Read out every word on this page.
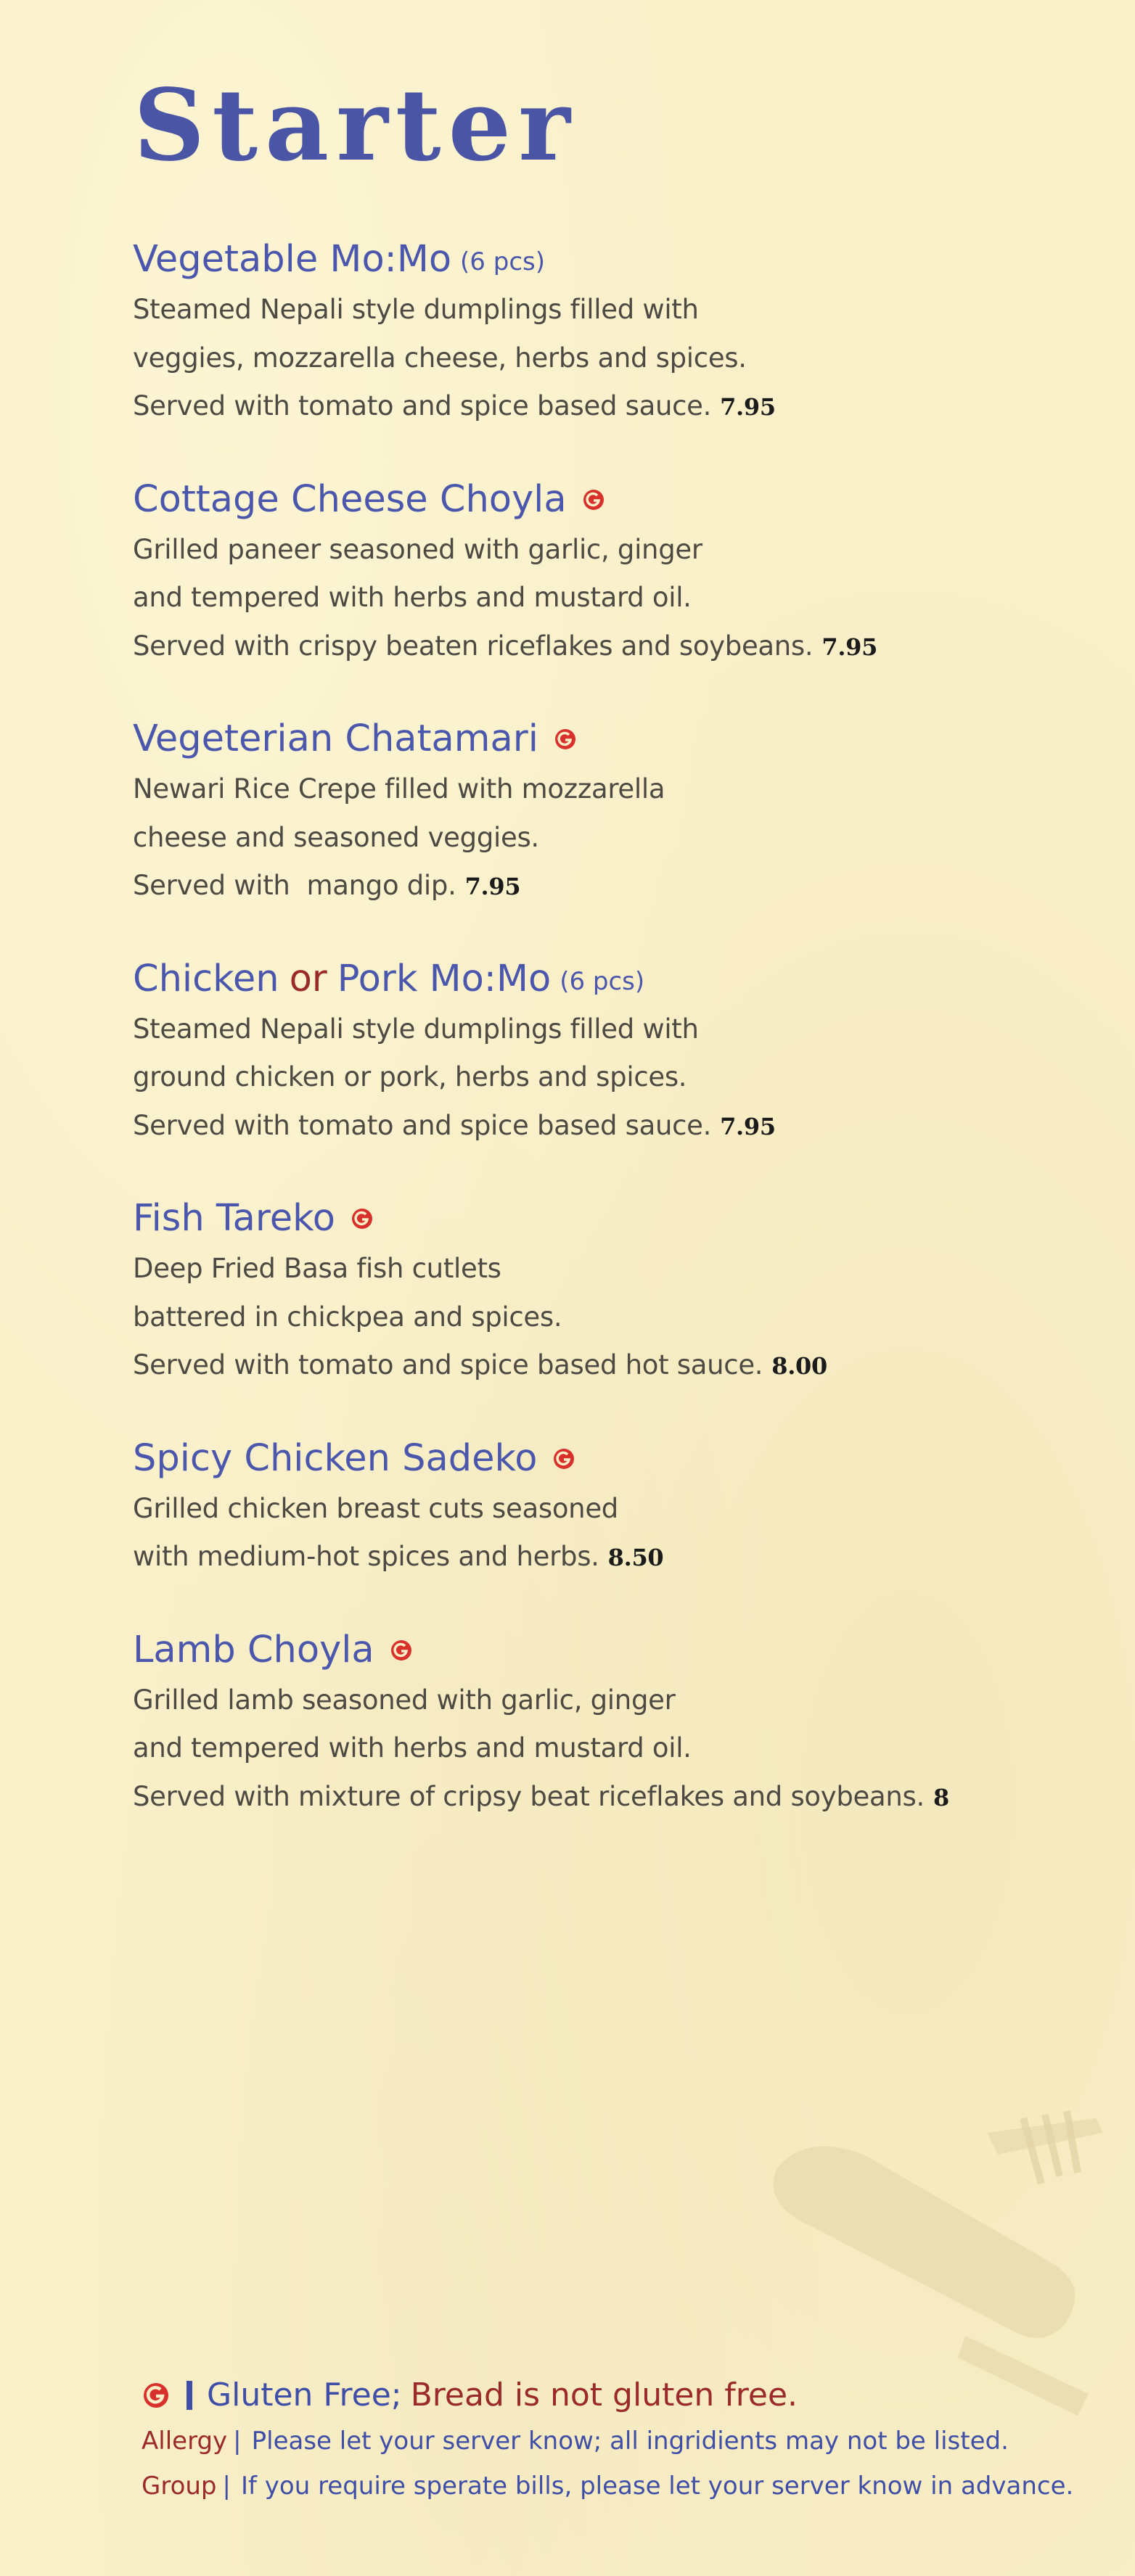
Starter
Vegetable Mo:Mo (6 pcs)
Steamed Nepali style dumplings filled with
veggies, mozzarella cheese, herbs and spices.
Served with tomato and spice based sauce. 7.95
Cottage Cheese Choyla
Grilled paneer seasoned with garlic, ginger
and tempered with herbs and mustard oil.
Served with crispy beaten riceflakes and soybeans. 7.95
Vegeterian Chatamari
Newari Rice Crepe filled with mozzarella
cheese and seasoned veggies.
Served with  mango dip. 7.95
Chicken or Pork Mo:Mo (6 pcs)
Steamed Nepali style dumplings filled with
ground chicken or pork, herbs and spices.
Served with tomato and spice based sauce. 7.95
Fish Tareko
Deep Fried Basa fish cutlets
battered in chickpea and spices.
Served with tomato and spice based hot sauce. 8.00
Spicy Chicken Sadeko
Grilled chicken breast cuts seasoned
with medium-hot spices and herbs. 8.50
Lamb Choyla
Grilled lamb seasoned with garlic, ginger
and tempered with herbs and mustard oil.
Served with mixture of cripsy beat riceflakes and soybeans. 8
Gluten Free; Bread is not gluten free.
Allergy | Please let your server know; all ingridients may not be listed.
Group | If you require sperate bills, please let your server know in advance.
